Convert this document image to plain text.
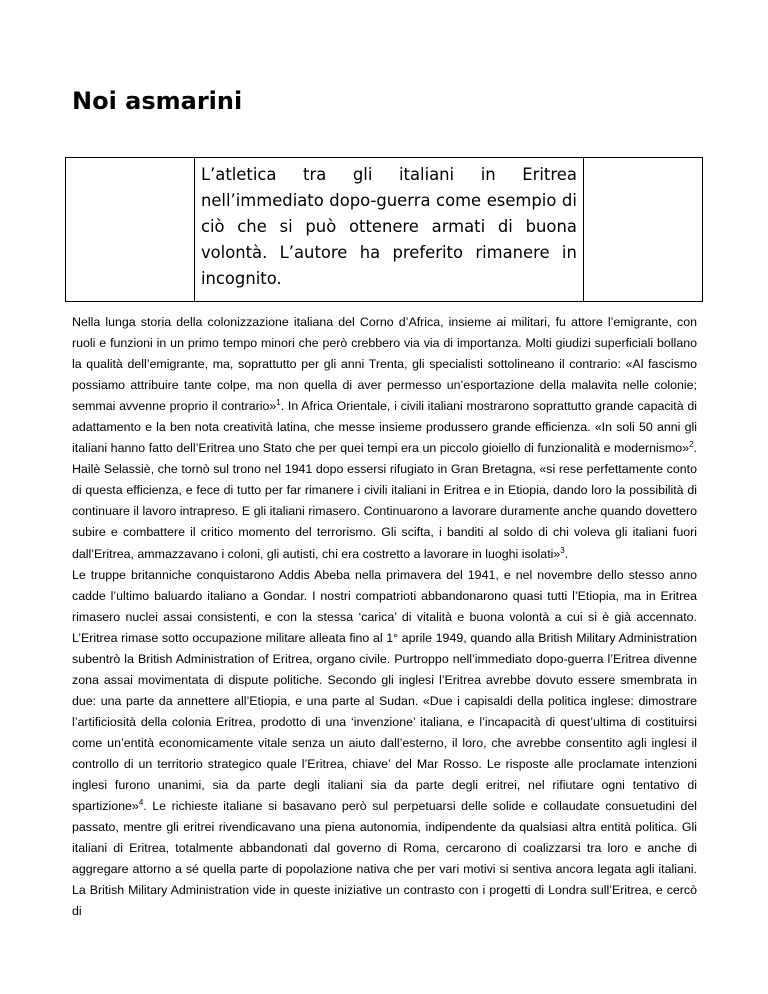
Noi asmarini

L’atletica tra gli italiani in Eritrea nell’immediato dopo-guerra come esempio di ciò che si può ottenere armati di buona volontà. L’autore ha preferito rimanere in incognito.

Nella lunga storia della colonizzazione italiana del Corno d’Africa, insieme ai militari, fu attore l’emigrante, con ruoli e funzioni in un primo tempo minori che però crebbero via via di importanza. Molti giudizi superficiali bollano la qualità dell’emigrante, ma, soprattutto per gli anni Trenta, gli specialisti sottolineano il contrario: «Al fascismo possiamo attribuire tante colpe, ma non quella di aver permesso un’esportazione della malavita nelle colonie; semmai avvenne proprio il contrario»$^1$. In Africa Orientale, i civili italiani mostrarono soprattutto grande capacità di adattamento e la ben nota creatività latina, che messe insieme produssero grande efficienza. «In soli 50 anni gli italiani hanno fatto dell’Eritrea uno Stato che per quei tempi era un piccolo gioiello di funzionalità e modernismo»$^2$. Hailè Selassiè, che tornò sul trono nel 1941 dopo essersi rifugiato in Gran Bretagna, «si rese perfettamente conto di questa efficienza, e fece di tutto per far rimanere i civili italiani in Eritrea e in Etiopia, dando loro la possibilità di continuare il lavoro intrapreso. E gli italiani rimasero. Continuarono a lavorare duramente anche quando dovettero subire e combattere il critico momento del terrorismo. Gli scifta, i banditi al soldo di chi voleva gli italiani fuori dall’Eritrea, ammazzavano i coloni, gli autisti, chi era costretto a lavorare in luoghi isolati»$^3$.

Le truppe britanniche conquistarono Addis Abeba nella primavera del 1941, e nel novembre dello stesso anno cadde l’ultimo baluardo italiano a Gondar. I nostri compatrioti abbandonarono quasi tutti l’Etiopia, ma in Eritrea rimasero nuclei assai consistenti, e con la stessa ‘carica’ di vitalità e buona volontà a cui si è già accennato. L’Eritrea rimase sotto occupazione militare alleata fino al 1° aprile 1949, quando alla British Military Administration subentrò la British Administration of Eritrea, organo civile. Purtroppo nell’immediato dopo-guerra l’Eritrea divenne zona assai movimentata di dispute politiche. Secondo gli inglesi l’Eritrea avrebbe dovuto essere smembrata in due: una parte da annettere all’Etiopia, e una parte al Sudan. «Due i capisaldi della politica inglese: dimostrare l’artificiosità della colonia Eritrea, prodotto di una ‘invenzione’ italiana, e l’incapacità di quest’ultima di costituirsi come un’entità economicamente vitale senza un aiuto dall’esterno, il loro, che avrebbe consentito agli inglesi il controllo di un territorio strategico quale l’Eritrea, chiave’ del Mar Rosso. Le risposte alle proclamate intenzioni inglesi furono unanimi, sia da parte degli italiani sia da parte degli eritrei, nel rifiutare ogni tentativo di spartizione»$^4$. Le richieste italiane si basavano però sul perpetuarsi delle solide e collaudate consuetudini del passato, mentre gli eritrei rivendicavano una piena autonomia, indipendente da qualsiasi altra entità politica. Gli italiani di Eritrea, totalmente abbandonati dal governo di Roma, cercarono di coalizzarsi tra loro e anche di aggregare attorno a sé quella parte di popolazione nativa che per vari motivi si sentiva ancora legata agli italiani. La British Military Administration vide in queste iniziative un contrasto con i progetti di Londra sull’Eritrea, e cercò di
